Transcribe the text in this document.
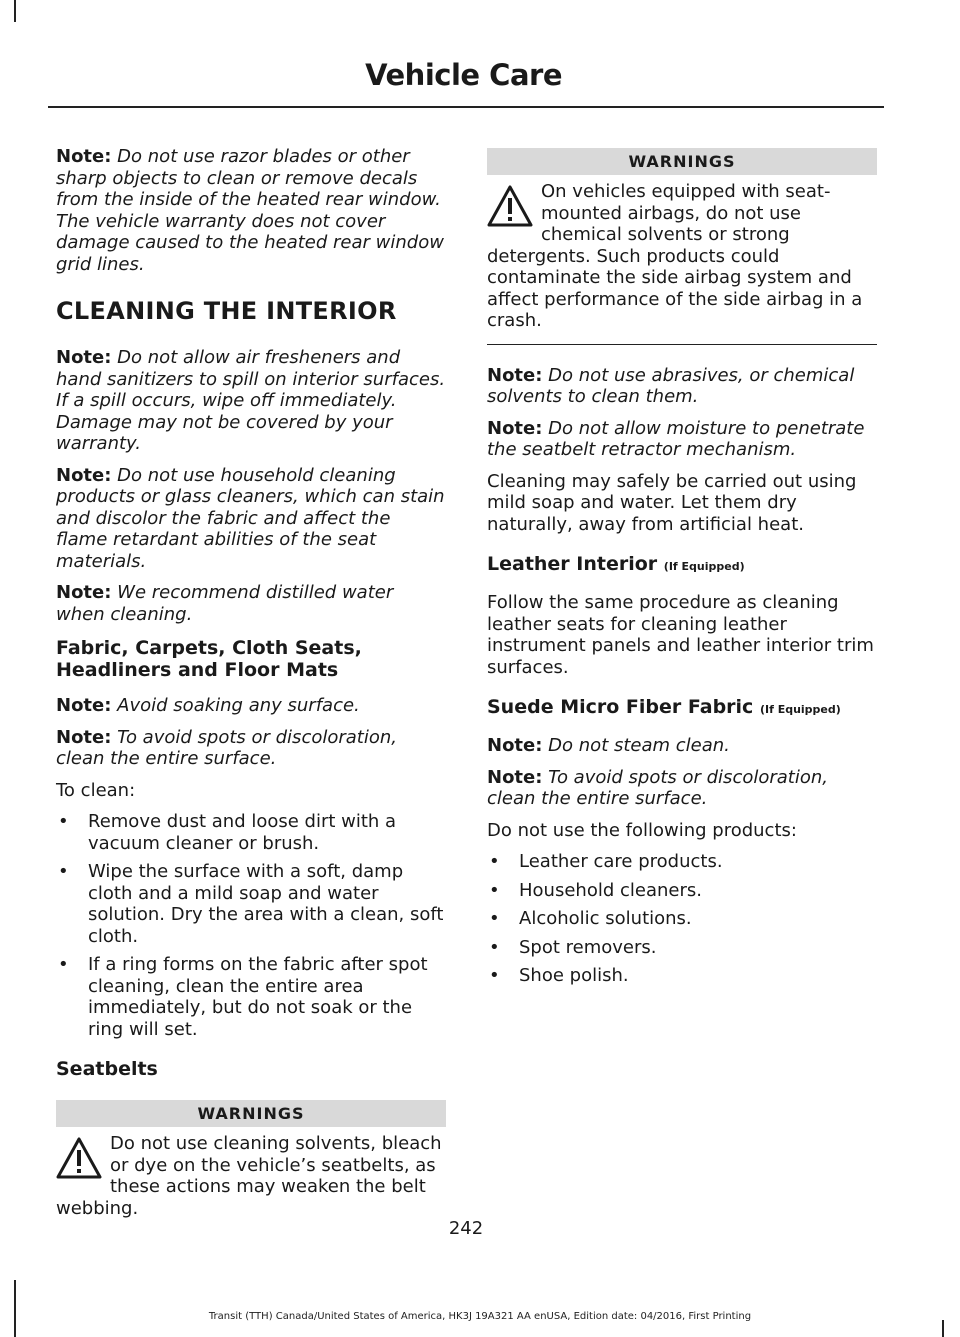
Vehicle Care

Note: Do not use razor blades or other sharp objects to clean or remove decals from the inside of the heated rear window. The vehicle warranty does not cover damage caused to the heated rear window grid lines.

CLEANING THE INTERIOR

Note: Do not allow air fresheners and hand sanitizers to spill on interior surfaces. If a spill occurs, wipe off immediately. Damage may not be covered by your warranty.

Note: Do not use household cleaning products or glass cleaners, which can stain and discolor the fabric and affect the flame retardant abilities of the seat materials.

Note: We recommend distilled water when cleaning.

Fabric, Carpets, Cloth Seats, Headliners and Floor Mats

Note: Avoid soaking any surface.

Note: To avoid spots or discoloration, clean the entire surface.

To clean:

• Remove dust and loose dirt with a vacuum cleaner or brush.
• Wipe the surface with a soft, damp cloth and a mild soap and water solution. Dry the area with a clean, soft cloth.
• If a ring forms on the fabric after spot cleaning, clean the entire area immediately, but do not soak or the ring will set.
Seatbelts
WARNINGS
Do not use cleaning solvents, bleach or dye on the vehicle’s seatbelts, as these actions may weaken the belt webbing.
WARNINGS
On vehicles equipped with seat-mounted airbags, do not use chemical solvents or strong detergents. Such products could contaminate the side airbag system and affect performance of the side airbag in a crash.

Note: Do not use abrasives, or chemical solvents to clean them.

Note: Do not allow moisture to penetrate the seatbelt retractor mechanism.

Cleaning may safely be carried out using mild soap and water. Let them dry naturally, away from artificial heat.

Leather Interior (If Equipped)

Follow the same procedure as cleaning leather seats for cleaning leather instrument panels and leather interior trim surfaces.

Suede Micro Fiber Fabric (If Equipped)

Note: Do not steam clean.

Note: To avoid spots or discoloration, clean the entire surface.

Do not use the following products:

• Leather care products.
• Household cleaners.
• Alcoholic solutions.
• Spot removers.
• Shoe polish.
242
Transit (TTH) Canada/United States of America, HK3J 19A321 AA enUSA, Edition date: 04/2016, First Printing
